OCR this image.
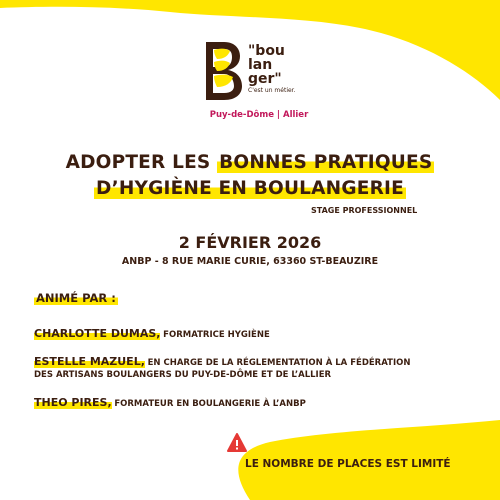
"bou
lan
ger"
C'est un métier.
Puy-de-Dôme | Allier
ADOPTER LES BONNES PRATIQUES
D’HYGIÈNE EN BOULANGERIE
STAGE PROFESSIONNEL
2 FÉVRIER 2026
ANBP - 8 RUE MARIE CURIE, 63360 ST-BEAUZIRE
ANIMÉ PAR :
CHARLOTTE DUMAS, FORMATRICE HYGIÈNE
ESTELLE MAZUEL, EN CHARGE DE LA RÉGLEMENTATION À LA FÉDÉRATION
DES ARTISANS BOULANGERS DU PUY-DE-DÔME ET DE L’ALLIER
THEO PIRES, FORMATEUR EN BOULANGERIE À L’ANBP
LE NOMBRE DE PLACES EST LIMITÉ
